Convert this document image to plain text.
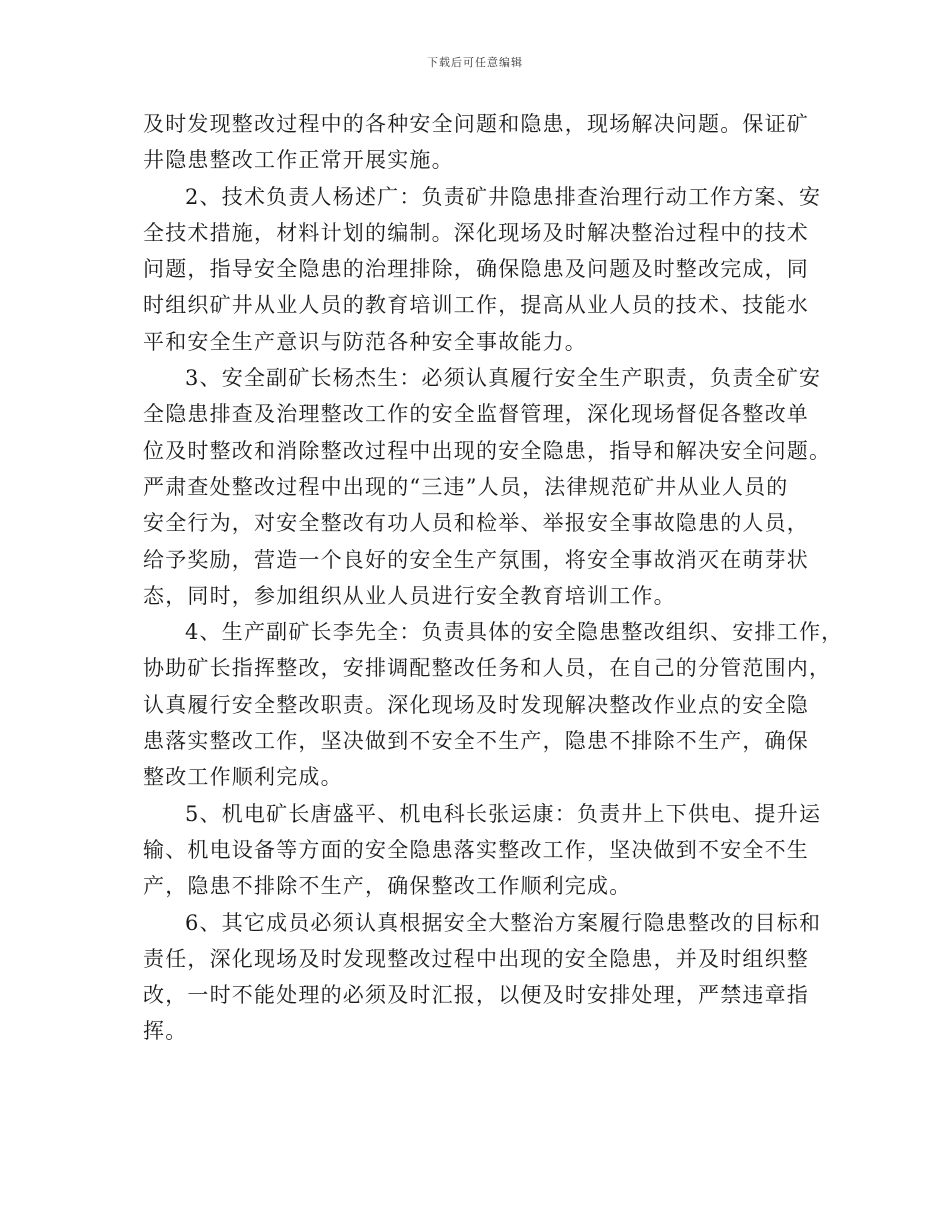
下载后可任意编辑
及时发现整改过程中的各种安全问题和隐患，现场解决问题。保证矿
井隐患整改工作正常开展实施。
2、技术负责人杨述广：负责矿井隐患排查治理行动工作方案、安
全技术措施，材料计划的编制。深化现场及时解决整治过程中的技术
问题，指导安全隐患的治理排除，确保隐患及问题及时整改完成，同
时组织矿井从业人员的教育培训工作，提高从业人员的技术、技能水
平和安全生产意识与防范各种安全事故能力。
3、安全副矿长杨杰生：必须认真履行安全生产职责，负责全矿安
全隐患排查及治理整改工作的安全监督管理，深化现场督促各整改单
位及时整改和消除整改过程中出现的安全隐患，指导和解决安全问题。
严肃查处整改过程中出现的“三违”人员，法律规范矿井从业人员的
安全行为，对安全整改有功人员和检举、举报安全事故隐患的人员，
给予奖励，营造一个良好的安全生产氛围，将安全事故消灭在萌芽状
态，同时，参加组织从业人员进行安全教育培训工作。
4、生产副矿长李先全：负责具体的安全隐患整改组织、安排工作，
协助矿长指挥整改，安排调配整改任务和人员，在自己的分管范围内，
认真履行安全整改职责。深化现场及时发现解决整改作业点的安全隐
患落实整改工作，坚决做到不安全不生产，隐患不排除不生产，确保
整改工作顺利完成。
5、机电矿长唐盛平、机电科长张运康：负责井上下供电、提升运
输、机电设备等方面的安全隐患落实整改工作，坚决做到不安全不生
产，隐患不排除不生产，确保整改工作顺利完成。
6、其它成员必须认真根据安全大整治方案履行隐患整改的目标和
责任，深化现场及时发现整改过程中出现的安全隐患，并及时组织整
改，一时不能处理的必须及时汇报，以便及时安排处理，严禁违章指
挥。
